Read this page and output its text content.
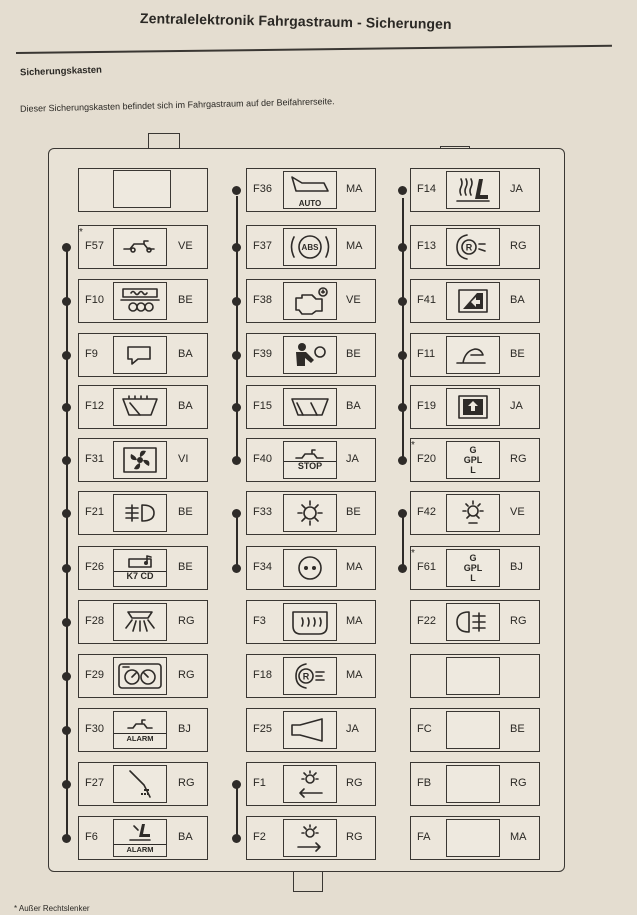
Zentralelektronik Fahrgastraum - Sicherungen
Sicherungskasten
Dieser Sicherungskasten befindet sich im Fahrgastraum auf der Beifahrerseite.
*
F57	VE
F10	BE
F9	BA
F12	BA
F31	VI
F21	BE
F26	BE
K7 CD
F28	RG
F29	RG
F30	BJ
ALARM
F27	RG
F6	BA
ALARM
F36	MA
AUTO
F37	MA
ABS
F38	VE
F39	BE
F15	BA
F40	JA
STOP
F33	BE
F34	MA
F3	MA
F18	MA
R
F25	JA
F1	RG
F2	RG
F14	JA
F13	RG
R
F41	BA
F11	BE
F19	JA
*
F20	RG
G
GPL
L
F42	VE
*
F61	BJ
G
GPL
L
F22	RG
FC	BE
FB	RG
FA	MA
* Außer Rechtslenker
